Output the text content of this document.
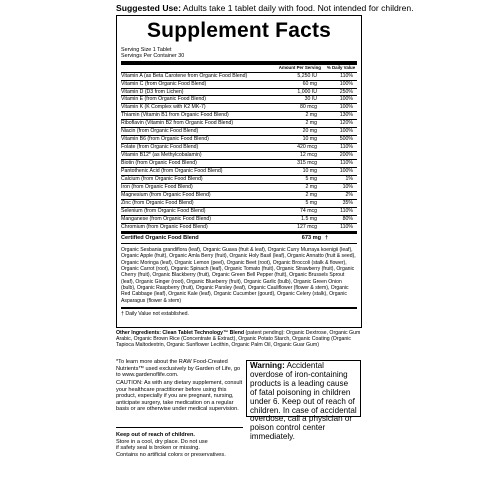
Suggested Use: Adults take 1 tablet daily with food. Not intended for children.
Supplement Facts
Serving Size 1 Tablet
Servings Per Container 30
Amount Per Serving	% Daily Value
Vitamin A (as Beta Carotene from Organic Food Blend)	5,250 IU	110%
Vitamin C (from Organic Food Blend)	60 mg	100%
Vitamin D (D3 from Lichen)	1,000 IU	250%
Vitamin E (from Organic Food Blend)	30 IU	100%
Vitamin K (K Complex with K2 MK-7)	80 mcg	100%
Thiamin (Vitamin B1 from Organic Food Blend)	2 mg	130%
Riboflavin (Vitamin B2 from Organic Food Blend)	2 mg	120%
Niacin (from Organic Food Blend)	20 mg	100%
Vitamin B6 (from Organic Food Blend)	10 mg	500%
Folate (from Organic Food Blend)	420 mcg	110%
Vitamin B12* (as Methylcobalamin)	12 mcg	200%
Biotin (from Organic Food Blend)	315 mcg	110%
Pantothenic Acid (from Organic Food Blend)	10 mg	100%
Calcium (from Organic Food Blend)	5 mg	1%
Iron (from Organic Food Blend)	2 mg	10%
Magnesium (from Organic Food Blend)	2 mg	2%
Zinc (from Organic Food Blend)	5 mg	35%
Selenium (from Organic Food Blend)	74 mcg	110%
Manganese (from Organic Food Blend)	1.5 mg	80%
Chromium (from Organic Food Blend)	127 mcg	110%
Certified Organic Food Blend	673 mg †
Organic Sesbania grandiflora (leaf), Organic Guava (fruit & leaf), Organic Curry Murraya koenigii (leaf), Organic Apple (fruit), Organic Amla Berry (fruit), Organic Holy Basil (leaf), Organic Annatto (fruit & seed), Organic Moringa (leaf), Organic Lemon (peel), Organic Beet (root), Organic Broccoli (stalk & flower), Organic Carrot (root), Organic Spinach (leaf), Organic Tomato (fruit), Organic Strawberry (fruit), Organic Cherry (fruit), Organic Blackberry (fruit), Organic Green Bell Pepper (fruit), Organic Brussels Sprout (leaf), Organic Ginger (root), Organic Blueberry (fruit), Organic Garlic (bulb), Organic Green Onion (bulb), Organic Raspberry (fruit), Organic Parsley (leaf), Organic Cauliflower (flower & stem), Organic Red Cabbage (leaf), Organic Kale (leaf), Organic Cucumber (gourd), Organic Celery (stalk), Organic Asparagus (flower & stem)
† Daily Value not established.
Other Ingredients: Clean Tablet Technology™ Blend (patent pending): Organic Dextrose, Organic Gum Arabic, Organic Brown Rice (Concentrate & Extract), Organic Potato Starch, Organic Coating (Organic Tapioca Maltodextrin, Organic Sunflower Lecithin, Organic Palm Oil, Organic Guar Gum)
*To learn more about the RAW Food-Created Nutrients™ used exclusively by Garden of Life, go to www.gardenoflife.com.
CAUTION: As with any dietary supplement, consult your healthcare practitioner before using this product, especially if you are pregnant, nursing, anticipate surgery, take medication on a regular basis or are otherwise under medical supervision.
Warning: Accidental overdose of iron-containing products is a leading cause of fatal poisoning in children under 6. Keep out of reach of children. In case of accidental overdose, call a physician or poison control center immediately.
Keep out of reach of children.
Store in a cool, dry place. Do not use
if safety seal is broken or missing.
Contains no artificial colors or preservatives.
